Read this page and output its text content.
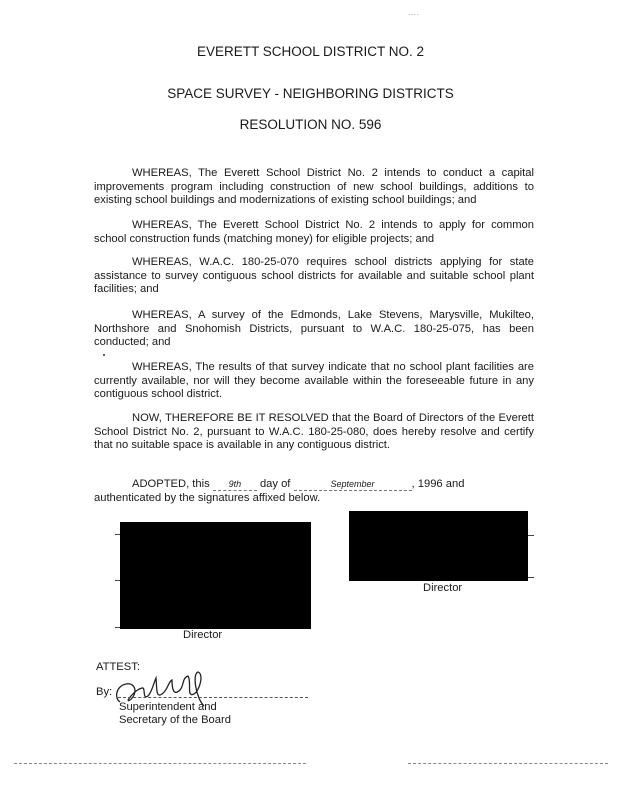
....
EVERETT SCHOOL DISTRICT NO. 2
SPACE SURVEY - NEIGHBORING DISTRICTS
RESOLUTION NO. 596

WHEREAS, The Everett School District No. 2 intends to conduct a capital improvements program including construction of new school buildings, additions to existing school buildings and modernizations of existing school buildings; and

WHEREAS, The Everett School District No. 2 intends to apply for common school construction funds (matching money) for eligible projects; and

WHEREAS, W.A.C. 180-25-070 requires school districts applying for state assistance to survey contiguous school districts for available and suitable school plant facilities; and

WHEREAS, A survey of the Edmonds, Lake Stevens, Marysville, Mukilteo, Northshore and Snohomish Districts, pursuant to W.A.C. 180-25-075, has been conducted; and

WHEREAS, The results of that survey indicate that no school plant facilities are currently available, nor will they become available within the foreseeable future in any contiguous school district.

NOW, THEREFORE BE IT RESOLVED that the Board of Directors of the Everett School District No. 2, pursuant to W.A.C. 180-25-080, does hereby resolve and certify that no suitable space is available in any contiguous district.

ADOPTED, this 9th day of	September	, 1996 and
authenticated by the signatures affixed below.
Director
Director
ATTEST:
By:
Superintendent and
Secretary of the Board
